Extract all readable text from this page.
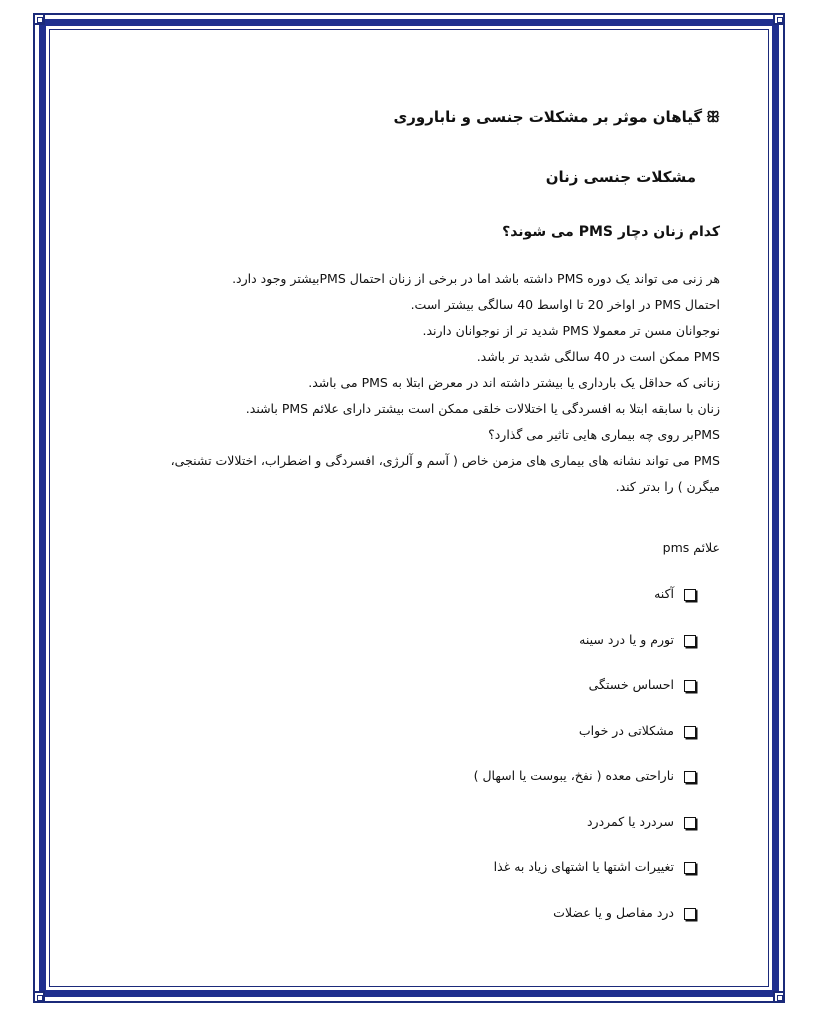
ꕥگیاهان موثر بر مشکلات جنسی و ناباروری
مشکلات جنسی زنان
کدام زنان دچار PMS می شوند؟
هر زنی می تواند یک دوره PMS داشته باشد اما در برخی از زنان احتمال PMSبیشتر وجود دارد.
احتمال PMS در اواخر 20 تا اواسط 40 سالگی بیشتر است.
نوجوانان مسن تر معمولا PMS شدید تر از نوجوانان دارند.
PMS ممکن است در 40 سالگی شدید تر باشد.
زنانی که حداقل یک بارداری یا بیشتر داشته اند در معرض ابتلا به PMS می باشد.
زنان با سابقه ابتلا به افسردگی یا اختلالات خلقی ممکن است بیشتر دارای علائم PMS باشند.
PMSبر روی چه بیماری هایی تاثیر می گذارد؟
PMS می تواند نشانه های بیماری های مزمن خاص ( آسم و آلرژی، افسردگی و اضطراب، اختلالات تشنجی،
میگرن ) را بدتر کند.
علائم pms
آکنه
تورم و یا درد سینه
احساس خستگی
مشکلاتی در خواب
ناراحتی معده ( نفخ، یبوست یا اسهال )
سردرد یا کمردرد
تغییرات اشتها یا اشتهای زیاد به غذا
درد مفاصل و یا عضلات
